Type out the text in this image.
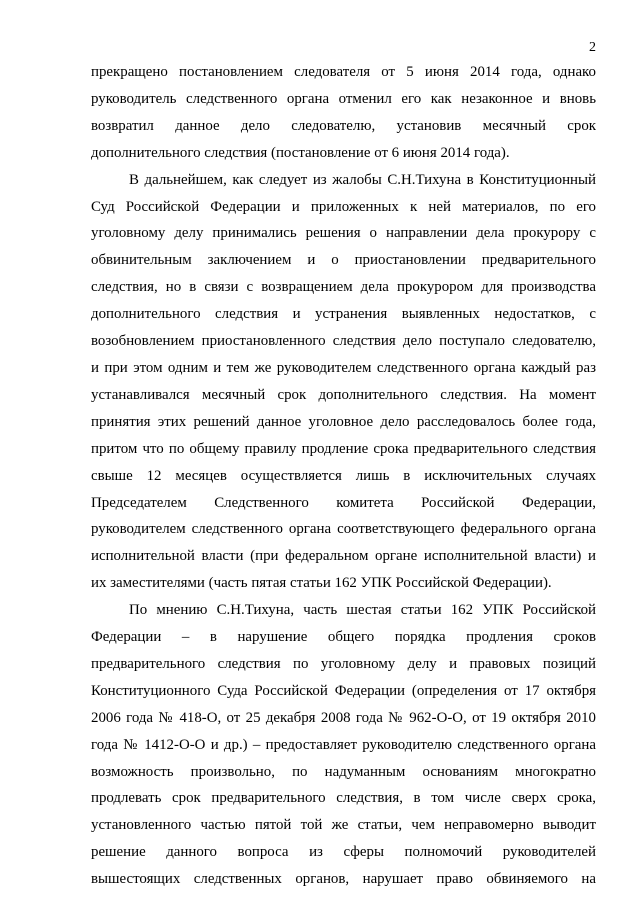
2

прекращено постановлением следователя от 5 июня 2014 года, однако
руководитель следственного органа отменил его как незаконное и вновь
возвратил данное дело следователю, установив месячный срок
дополнительного следствия (постановление от 6 июня 2014 года).

В дальнейшем, как следует из жалобы С.Н.Тихуна в Конституционный
Суд Российской Федерации и приложенных к ней материалов, по его
уголовному делу принимались решения о направлении дела прокурору с
обвинительным заключением и о приостановлении предварительного
следствия, но в связи с возвращением дела прокурором для производства
дополнительного следствия и устранения выявленных недостатков, с
возобновлением приостановленного следствия дело поступало следователю,
и при этом одним и тем же руководителем следственного органа каждый раз
устанавливался месячный срок дополнительного следствия. На момент
принятия этих решений данное уголовное дело расследовалось более года,
притом что по общему правилу продление срока предварительного следствия
свыше 12 месяцев осуществляется лишь в исключительных случаях
Председателем Следственного комитета Российской Федерации,
руководителем следственного органа соответствующего федерального органа
исполнительной власти (при федеральном органе исполнительной власти) и
их заместителями (часть пятая статьи 162 УПК Российской Федерации).

По мнению С.Н.Тихуна, часть шестая статьи 162 УПК Российской
Федерации – в нарушение общего порядка продления сроков
предварительного следствия по уголовному делу и правовых позиций
Конституционного Суда Российской Федерации (определения от 17 октября
2006 года № 418-О, от 25 декабря 2008 года № 962-О-О, от 19 октября 2010
года № 1412-О-О и др.) – предоставляет руководителю следственного органа
возможность произвольно, по надуманным основаниям многократно
продлевать срок предварительного следствия, в том числе сверх срока,
установленного частью пятой той же статьи, чем неправомерно выводит
решение данного вопроса из сферы полномочий руководителей
вышестоящих следственных органов, нарушает право обвиняемого на
